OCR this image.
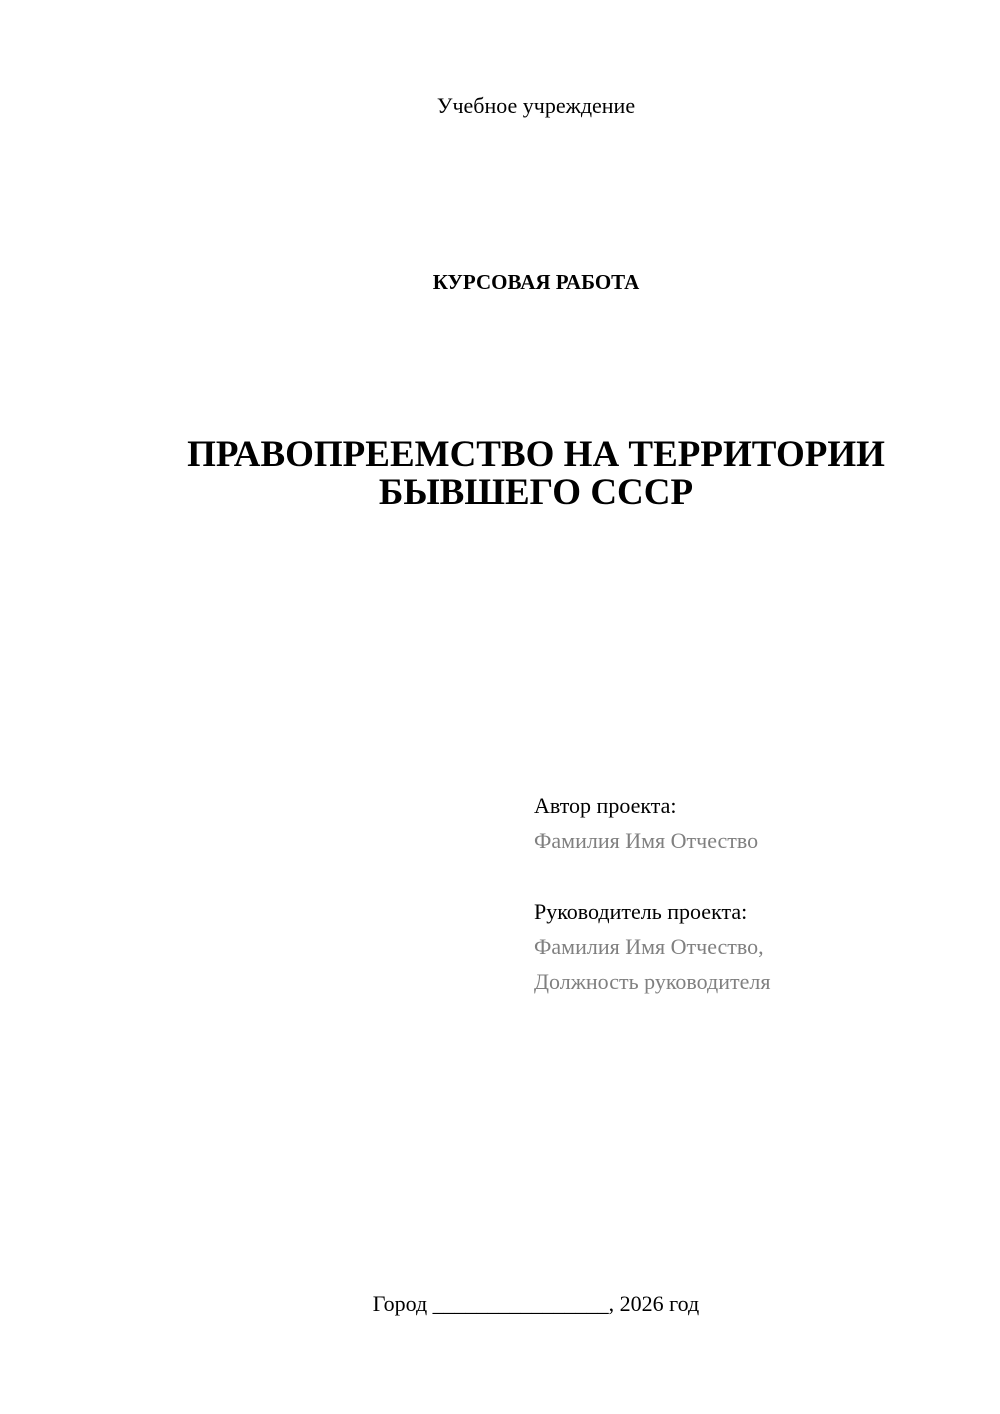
Учебное учреждение
КУРСОВАЯ РАБОТА
ПРАВОПРЕЕМСТВО НА ТЕРРИТОРИИ
БЫВШЕГО СССР
Автор проекта:
Фамилия Имя Отчество
Руководитель проекта:
Фамилия Имя Отчество,
Должность руководителя
Город ________________, 2026 год
